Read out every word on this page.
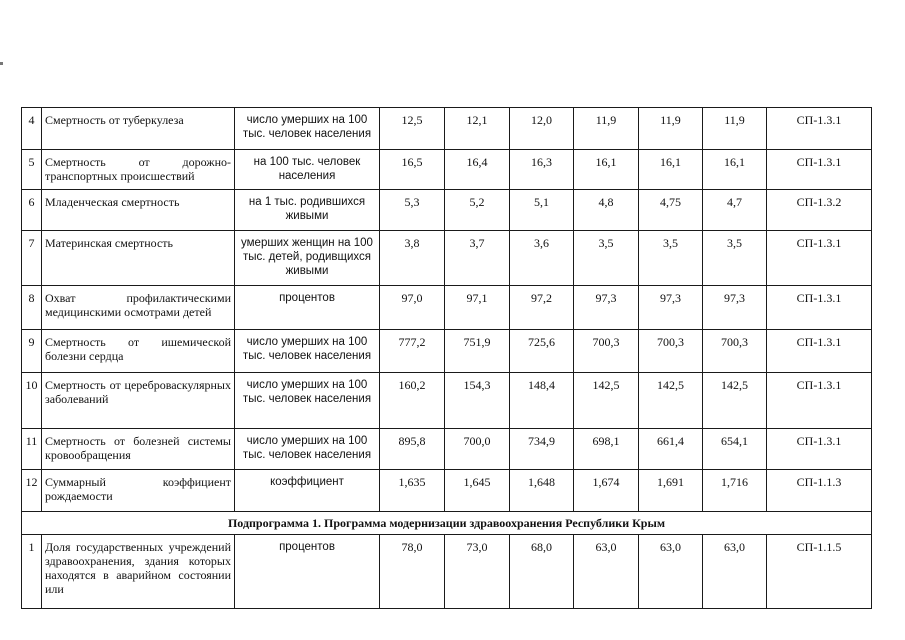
4	Смертность от туберкулеза	число умерших на 100 тыс. человек населения	12,5	12,1	12,0	11,9	11,9	11,9	СП-1.3.1
5	Смертность от дорожно-транспортных происшествий	на 100 тыс. человек населения	16,5	16,4	16,3	16,1	16,1	16,1	СП-1.3.1
6	Младенческая смертность	на 1 тыс. родившихся живыми	5,3	5,2	5,1	4,8	4,75	4,7	СП-1.3.2
7	Материнская смертность	умерших женщин на 100 тыс. детей, родивщихся живыми	3,8	3,7	3,6	3,5	3,5	3,5	СП-1.3.1
8	Охват профилактическими медицинскими осмотрами детей	процентов	97,0	97,1	97,2	97,3	97,3	97,3	СП-1.3.1
9	Смертность от ишемической болезни сердца	число умерших на 100 тыс. человек населения	777,2	751,9	725,6	700,3	700,3	700,3	СП-1.3.1
10	Смертность от цереброваскулярных заболеваний	число умерших на 100 тыс. человек населения	160,2	154,3	148,4	142,5	142,5	142,5	СП-1.3.1
11	Смертность от болезней системы кровообращения	число умерших на 100 тыс. человек населения	895,8	700,0	734,9	698,1	661,4	654,1	СП-1.3.1
12	Суммарный коэффициент рождаемости	коэффициент	1,635	1,645	1,648	1,674	1,691	1,716	СП-1.1.3
Подпрограмма 1. Программа модернизации здравоохранения Республики Крым									
1	Доля государственных учреждений здравоохранения, здания которых находятся в аварийном состоянии или	процентов	78,0	73,0	68,0	63,0	63,0	63,0	СП-1.1.5
